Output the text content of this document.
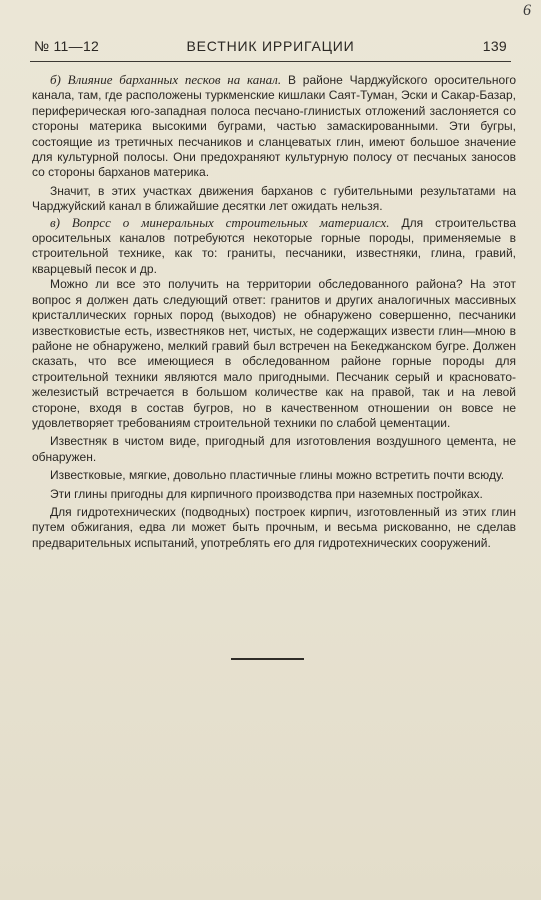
6
№ 11—12	ВЕСТНИК ИРРИГАЦИИ	139

б) Влияние барханных песков на канал. В районе Чарджуйского оросительного канала, там, где расположены туркменские кишлаки Саят-Туман, Эски и Сакар-Базар, периферическая юго-западная полоса песчано-глинистых отложений заслоняется со стороны материка высокими буграми, частью замаскированными. Эти бугры, состоящие из третичных песчаников и сланцеватых глин, имеют большое значение для культурной полосы. Они предохраняют культурную полосу от песчаных заносов со стороны барханов материка.

Значит, в этих участках движения барханов с губительными результатами на Чарджуйский канал в ближайшие десятки лет ожидать нельзя.

в) Вопрсс о минеральных строительных материалсх. Для строительства оросительных каналов потребуются некоторые горные породы, применяемые в строительной технике, как то: граниты, песчаники, известняки, глина, гравий, кварцевый песок и др.

Можно ли все это получить на территории обследованного района? На этот вопрос я должен дать следующий ответ: гранитов и других аналогичных массивных кристаллических горных пород (выходов) не обнаружено совершенно, песчаники известковистые есть, известняков нет, чистых, не содержащих извести глин—мною в районе не обнаружено, мелкий гравий был встречен на Бекеджанском бугре. Должен сказать, что все имеющиеся в обследованном районе горные породы для строительной техники являются мало пригодными. Песчаник серый и красновато-железистый встречается в большом количестве как на правой, так и на левой стороне, входя в состав бугров, но в качественном отношении он вовсе не удовлетворяет требованиям строительной техники по слабой цементации.

Известняк в чистом виде, пригодный для изготовления воздушного цемента, не обнаружен.

Известковые, мягкие, довольно пластичные глины можно встретить почти всюду.

Эти глины пригодны для кирпичного производства при наземных постройках.

Для гидротехнических (подводных) построек кирпич, изготовленный из этих глин путем обжигания, едва ли может быть прочным, и весьма рискованно, не сделав предварительных испытаний, употреблять его для гидротехнических сооружений.
